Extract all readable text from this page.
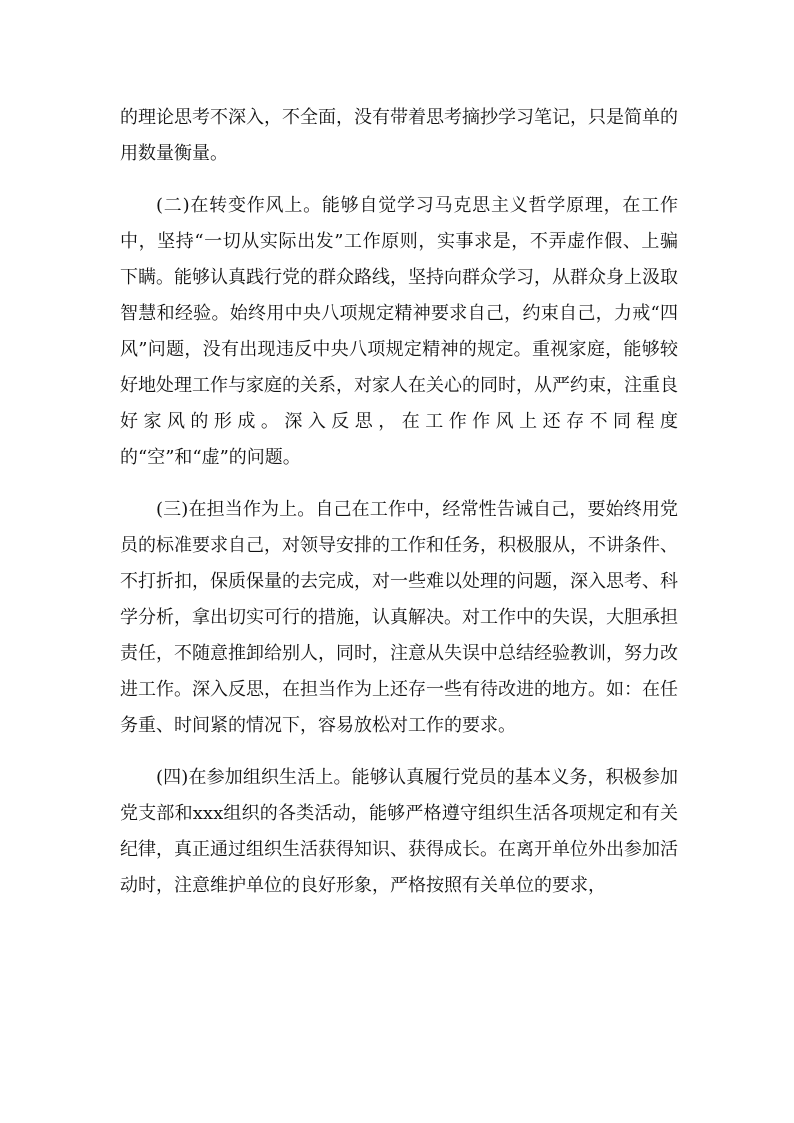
的理论思考不深入，不全面，没有带着思考摘抄学习笔记，只是简单的用数量衡量。

(二)在转变作风上。能够自觉学习马克思主义哲学原理，在工作中，坚持“一切从实际出发”工作原则，实事求是，不弄虚作假、上骗下瞒。能够认真践行党的群众路线，坚持向群众学习，从群众身上汲取智慧和经验。始终用中央八项规定精神要求自己，约束自己，力戒“四风”问题，没有出现违反中央八项规定精神的规定。重视家庭，能够较好地处理工作与家庭的关系，对家人在关心的同时，从严约束，注重良好家风的形成。深入反思，在工作作风上还存不同程度的“空”和“虚”的问题。

(三)在担当作为上。自己在工作中，经常性告诫自己，要始终用党员的标准要求自己，对领导安排的工作和任务，积极服从，不讲条件、不打折扣，保质保量的去完成，对一些难以处理的问题，深入思考、科学分析，拿出切实可行的措施，认真解决。对工作中的失误，大胆承担责任，不随意推卸给别人，同时，注意从失误中总结经验教训，努力改进工作。深入反思，在担当作为上还存一些有待改进的地方。如：在任务重、时间紧的情况下，容易放松对工作的要求。

(四)在参加组织生活上。能够认真履行党员的基本义务，积极参加党支部和xxx组织的各类活动，能够严格遵守组织生活各项规定和有关纪律，真正通过组织生活获得知识、获得成长。在离开单位外出参加活动时，注意维护单位的良好形象，严格按照有关单位的要求，
